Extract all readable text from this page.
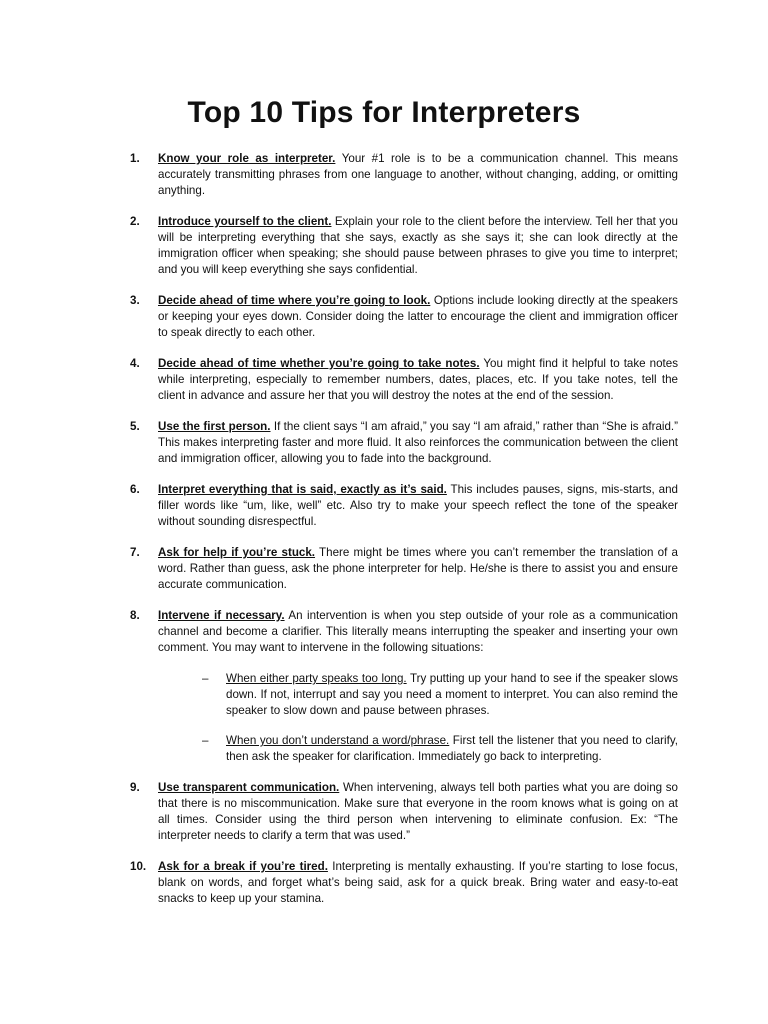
Top 10 Tips for Interpreters
1. Know your role as interpreter. Your #1 role is to be a communication channel. This means accurately transmitting phrases from one language to another, without changing, adding, or omitting anything.
2. Introduce yourself to the client. Explain your role to the client before the interview. Tell her that you will be interpreting everything that she says, exactly as she says it; she can look directly at the immigration officer when speaking; she should pause between phrases to give you time to interpret; and you will keep everything she says confidential.
3. Decide ahead of time where you’re going to look. Options include looking directly at the speakers or keeping your eyes down. Consider doing the latter to encourage the client and immigration officer to speak directly to each other.
4. Decide ahead of time whether you’re going to take notes. You might find it helpful to take notes while interpreting, especially to remember numbers, dates, places, etc. If you take notes, tell the client in advance and assure her that you will destroy the notes at the end of the session.
5. Use the first person. If the client says “I am afraid,” you say “I am afraid,” rather than “She is afraid.” This makes interpreting faster and more fluid. It also reinforces the communication between the client and immigration officer, allowing you to fade into the background.
6. Interpret everything that is said, exactly as it’s said. This includes pauses, signs, mis-starts, and filler words like “um, like, well” etc. Also try to make your speech reflect the tone of the speaker without sounding disrespectful.
7. Ask for help if you’re stuck. There might be times where you can’t remember the translation of a word. Rather than guess, ask the phone interpreter for help. He/she is there to assist you and ensure accurate communication.
8. Intervene if necessary. An intervention is when you step outside of your role as a communication channel and become a clarifier. This literally means interrupting the speaker and inserting your own comment. You may want to intervene in the following situations:
– When either party speaks too long. Try putting up your hand to see if the speaker slows down. If not, interrupt and say you need a moment to interpret. You can also remind the speaker to slow down and pause between phrases.
– When you don’t understand a word/phrase. First tell the listener that you need to clarify, then ask the speaker for clarification. Immediately go back to interpreting.
9. Use transparent communication. When intervening, always tell both parties what you are doing so that there is no miscommunication. Make sure that everyone in the room knows what is going on at all times. Consider using the third person when intervening to eliminate confusion. Ex: “The interpreter needs to clarify a term that was used.”
10. Ask for a break if you’re tired. Interpreting is mentally exhausting. If you’re starting to lose focus, blank on words, and forget what’s being said, ask for a quick break. Bring water and easy-to-eat snacks to keep up your stamina.
